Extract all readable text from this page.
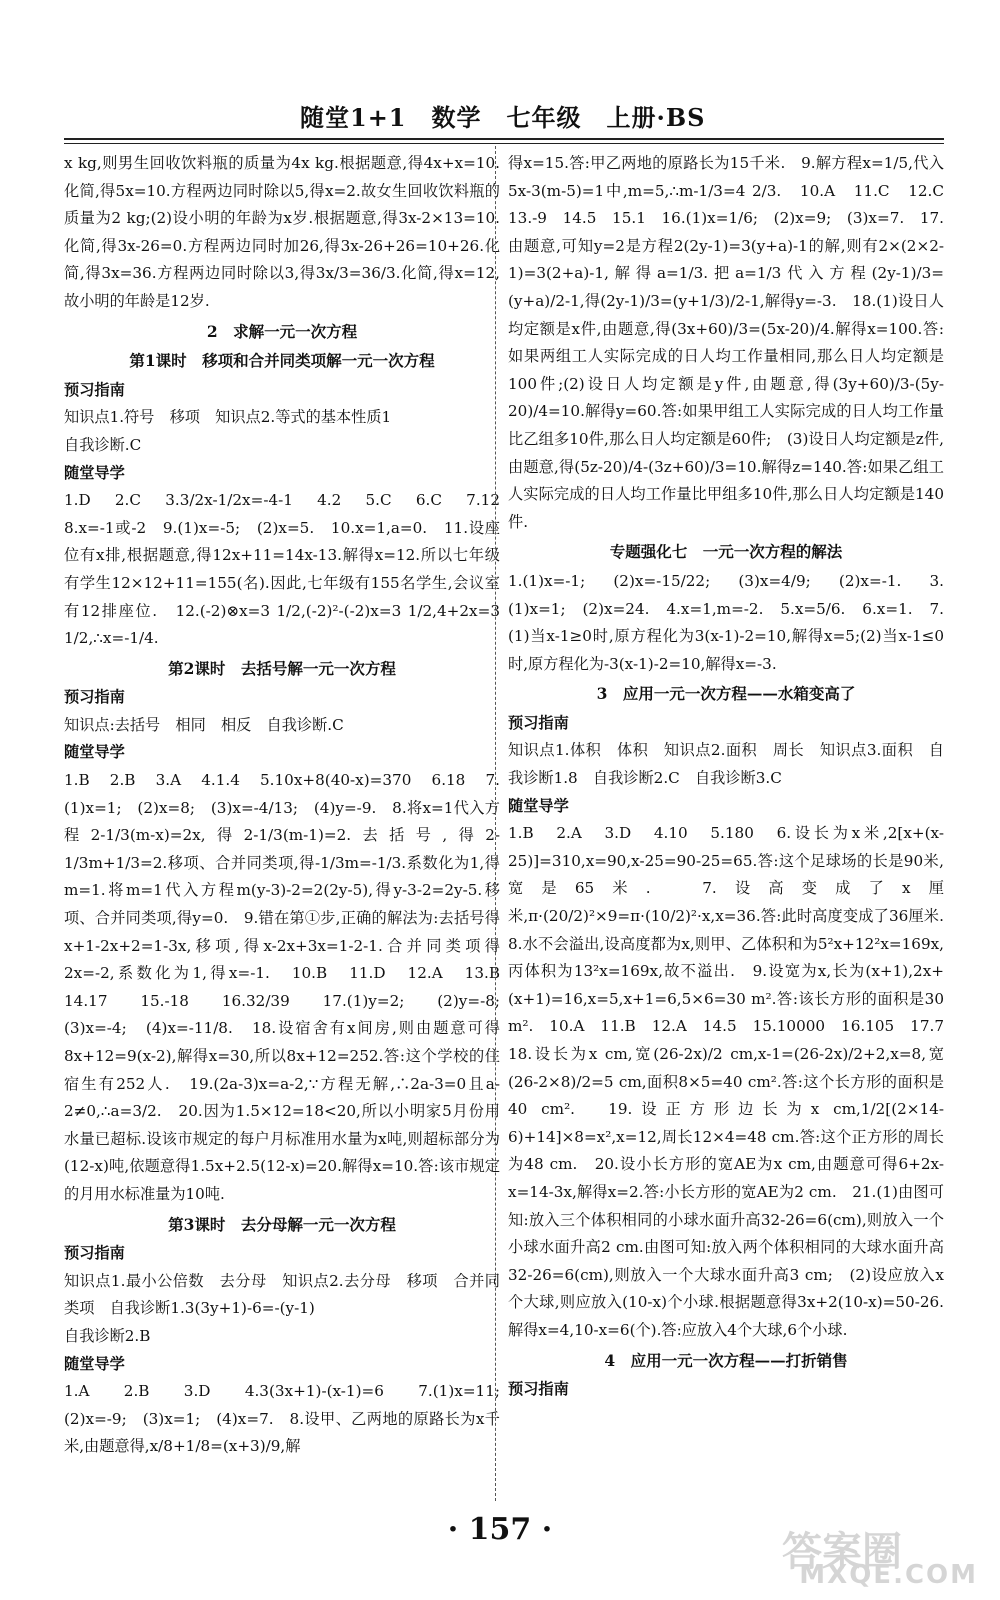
随堂1+1　数学　七年级　上册·BS

x kg,则男生回收饮料瓶的质量为4x kg.根据题意,得4x+x=10.化简,得5x=10.方程两边同时除以5,得x=2.故女生回收饮料瓶的质量为2 kg;(2)设小明的年龄为x岁.根据题意,得3x-2×13=10.化简,得3x-26=0.方程两边同时加26,得3x-26+26=10+26.化简,得3x=36.方程两边同时除以3,得3x/3=36/3.化简,得x=12,故小明的年龄是12岁.

2　求解一元一次方程

第1课时　移项和合并同类项解一元一次方程

预习指南

知识点1.符号　移项　知识点2.等式的基本性质1

自我诊断.C

随堂导学

1.D　2.C　3.3/2x-1/2x=-4-1　4.2　5.C　6.C　7.12　8.x=-1或-2　9.(1)x=-5;　(2)x=5.　10.x=1,a=0.　11.设座位有x排,根据题意,得12x+11=14x-13.解得x=12.所以七年级有学生12×12+11=155(名).因此,七年级有155名学生,会议室有12排座位.　12.(-2)⊗x=3 1/2,(-2)²-(-2)x=3 1/2,4+2x=3 1/2,∴x=-1/4.

第2课时　去括号解一元一次方程

预习指南

知识点:去括号　相同　相反　自我诊断.C

随堂导学

1.B　2.B　3.A　4.1.4　5.10x+8(40-x)=370　6.18　7.(1)x=1;　(2)x=8;　(3)x=-4/13;　(4)y=-9.　8.将x=1代入方程2-1/3(m-x)=2x,得2-1/3(m-1)=2.去括号,得2-1/3m+1/3=2.移项、合并同类项,得-1/3m=-1/3.系数化为1,得m=1.将m=1代入方程m(y-3)-2=2(2y-5),得y-3-2=2y-5.移项、合并同类项,得y=0.　9.错在第①步,正确的解法为:去括号得x+1-2x+2=1-3x,移项,得x-2x+3x=1-2-1.合并同类项得2x=-2,系数化为1,得x=-1.　10.B　11.D　12.A　13.B　14.17　15.-18　16.32/39　17.(1)y=2;　(2)y=-8;　(3)x=-4;　(4)x=-11/8.　18.设宿舍有x间房,则由题意可得8x+12=9(x-2),解得x=30,所以8x+12=252.答:这个学校的住宿生有252人.　19.(2a-3)x=a-2,∵方程无解,∴2a-3=0且a-2≠0,∴a=3/2.　20.因为1.5×12=18<20,所以小明家5月份用水量已超标.设该市规定的每户月标准用水量为x吨,则超标部分为(12-x)吨,依题意得1.5x+2.5(12-x)=20.解得x=10.答:该市规定的月用水标准量为10吨.

第3课时　去分母解一元一次方程

预习指南

知识点1.最小公倍数　去分母　知识点2.去分母　移项　合并同类项　自我诊断1.3(3y+1)-6=-(y-1)

自我诊断2.B

随堂导学

1.A　2.B　3.D　4.3(3x+1)-(x-1)=6　7.(1)x=11;　(2)x=-9;　(3)x=1;　(4)x=7.　8.设甲、乙两地的原路长为x千米,由题意得,x/8+1/8=(x+3)/9,解

得x=15.答:甲乙两地的原路长为15千米.　9.解方程x=1/5,代入5x-3(m-5)=1中,m=5,∴m-1/3=4 2/3.　10.A　11.C　12.C　13.-9　14.5　15.1　16.(1)x=1/6;　(2)x=9;　(3)x=7.　17.由题意,可知y=2是方程2(2y-1)=3(y+a)-1的解,则有2×(2×2-1)=3(2+a)-1,解得a=1/3.把a=1/3代入方程(2y-1)/3=(y+a)/2-1,得(2y-1)/3=(y+1/3)/2-1,解得y=-3.　18.(1)设日人均定额是x件,由题意,得(3x+60)/3=(5x-20)/4.解得x=100.答:如果两组工人实际完成的日人均工作量相同,那么日人均定额是100件;(2)设日人均定额是y件,由题意,得(3y+60)/3-(5y-20)/4=10.解得y=60.答:如果甲组工人实际完成的日人均工作量比乙组多10件,那么日人均定额是60件;　(3)设日人均定额是z件,由题意,得(5z-20)/4-(3z+60)/3=10.解得z=140.答:如果乙组工人实际完成的日人均工作量比甲组多10件,那么日人均定额是140件.

专题强化七　一元一次方程的解法

1.(1)x=-1;　(2)x=-15/22;　(3)x=4/9;　(2)x=-1.　3.(1)x=1;　(2)x=24.　4.x=1,m=-2.　5.x=5/6.　6.x=1.　7.(1)当x-1≥0时,原方程化为3(x-1)-2=10,解得x=5;(2)当x-1≤0时,原方程化为-3(x-1)-2=10,解得x=-3.

3　应用一元一次方程——水箱变高了

预习指南

知识点1.体积　体积　知识点2.面积　周长　知识点3.面积　自我诊断1.8　自我诊断2.C　自我诊断3.C

随堂导学

1.B　2.A　3.D　4.10　5.180　6.设长为x米,2[x+(x-25)]=310,x=90,x-25=90-25=65.答:这个足球场的长是90米,宽是65米.　7.设高变成了x厘米,π·(20/2)²×9=π·(10/2)²·x,x=36.答:此时高度变成了36厘米.　8.水不会溢出,设高度都为x,则甲、乙体积和为5²x+12²x=169x,丙体积为13²x=169x,故不溢出.　9.设宽为x,长为(x+1),2x+(x+1)=16,x=5,x+1=6,5×6=30 m².答:该长方形的面积是30 m².　10.A　11.B　12.A　14.5　15.10000　16.105　17.7　18.设长为x cm,宽(26-2x)/2 cm,x-1=(26-2x)/2+2,x=8,宽(26-2×8)/2=5 cm,面积8×5=40 cm².答:这个长方形的面积是40 cm².　19.设正方形边长为x cm,1/2[(2×14-6)+14]×8=x²,x=12,周长12×4=48 cm.答:这个正方形的周长为48 cm.　20.设小长方形的宽AE为x cm,由题意可得6+2x-x=14-3x,解得x=2.答:小长方形的宽AE为2 cm.　21.(1)由图可知:放入三个体积相同的小球水面升高32-26=6(cm),则放入一个小球水面升高2 cm.由图可知:放入两个体积相同的大球水面升高32-26=6(cm),则放入一个大球水面升高3 cm;　(2)设应放入x个大球,则应放入(10-x)个小球.根据题意得3x+2(10-x)=50-26.解得x=4,10-x=6(个).答:应放入4个大球,6个小球.

4　应用一元一次方程——打折销售

预习指南

· 157 ·	答案圈
MXQE.COM
